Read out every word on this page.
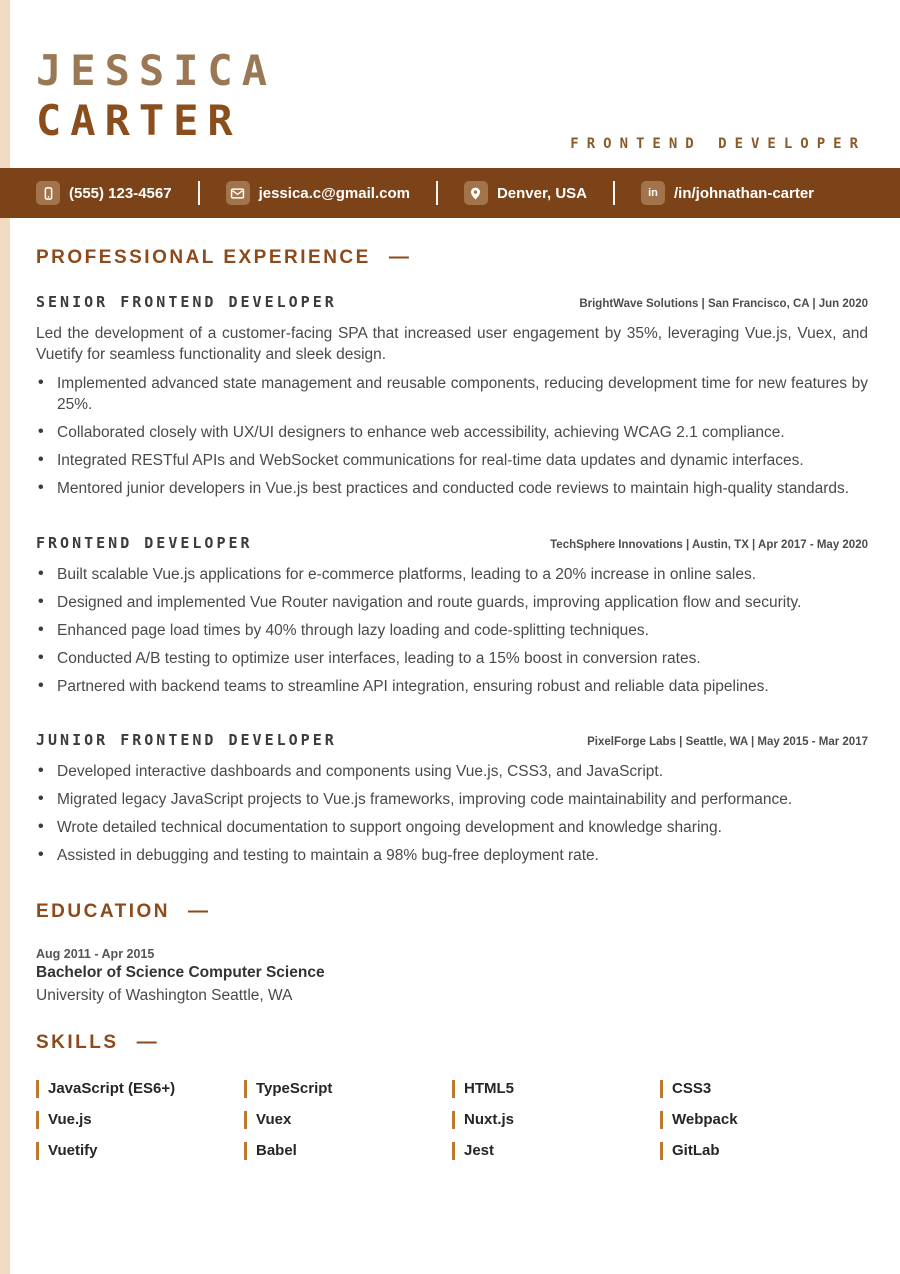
JESSICA
CARTER	FRONTEND DEVELOPER
(555) 123-4567	jessica.c@gmail.com	Denver, USA	in /in/johnathan-carter
PROFESSIONAL EXPERIENCE —
SENIOR FRONTEND DEVELOPER	BrightWave Solutions | San Francisco, CA | Jun 2020
Led the development of a customer-facing SPA that increased user engagement by 35%, leveraging Vue.js, Vuex, and Vuetify for seamless functionality and sleek design.
• Implemented advanced state management and reusable components, reducing development time for new features by 25%.
• Collaborated closely with UX/UI designers to enhance web accessibility, achieving WCAG 2.1 compliance.
• Integrated RESTful APIs and WebSocket communications for real-time data updates and dynamic interfaces.
• Mentored junior developers in Vue.js best practices and conducted code reviews to maintain high-quality standards.
FRONTEND DEVELOPER	TechSphere Innovations | Austin, TX | Apr 2017 - May 2020
• Built scalable Vue.js applications for e-commerce platforms, leading to a 20% increase in online sales.
• Designed and implemented Vue Router navigation and route guards, improving application flow and security.
• Enhanced page load times by 40% through lazy loading and code-splitting techniques.
• Conducted A/B testing to optimize user interfaces, leading to a 15% boost in conversion rates.
• Partnered with backend teams to streamline API integration, ensuring robust and reliable data pipelines.
JUNIOR FRONTEND DEVELOPER	PixelForge Labs | Seattle, WA | May 2015 - Mar 2017
• Developed interactive dashboards and components using Vue.js, CSS3, and JavaScript.
• Migrated legacy JavaScript projects to Vue.js frameworks, improving code maintainability and performance.
• Wrote detailed technical documentation to support ongoing development and knowledge sharing.
• Assisted in debugging and testing to maintain a 98% bug-free deployment rate.
EDUCATION —
Aug 2011 - Apr 2015
Bachelor of Science Computer Science
University of Washington Seattle, WA
SKILLS —
JavaScript (ES6+)	TypeScript	HTML5	CSS3
Vue.js	Vuex	Nuxt.js	Webpack
Vuetify	Babel	Jest	GitLab
